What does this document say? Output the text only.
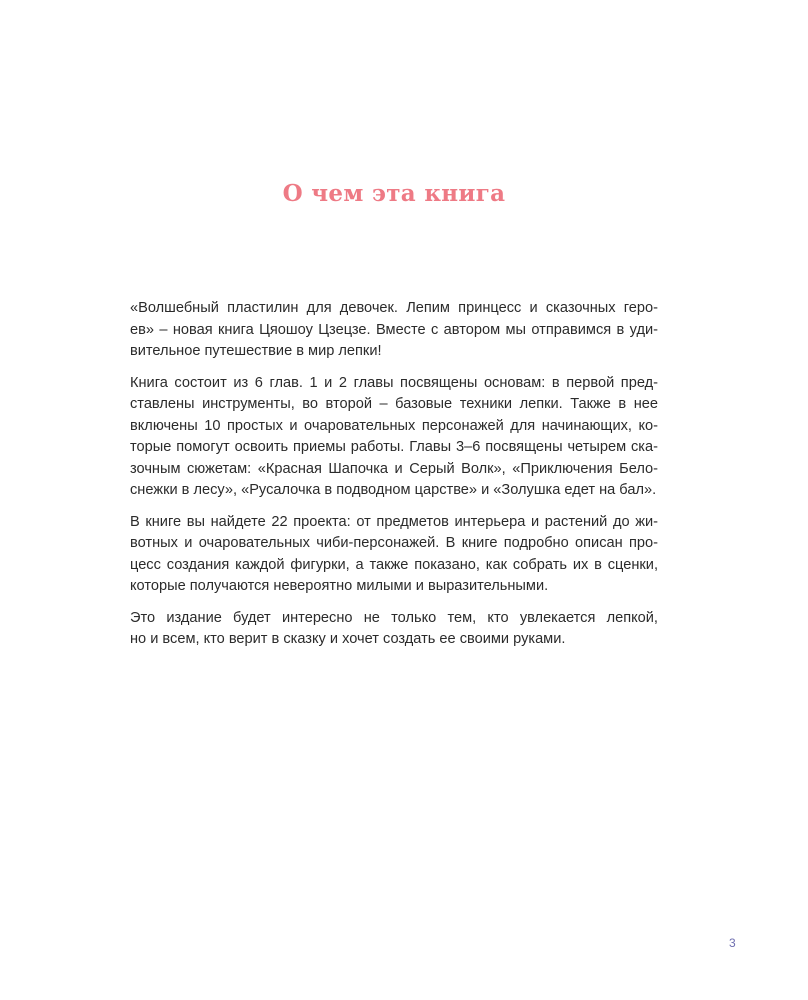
О чем эта книга

«Волшебный пластилин для девочек. Лепим принцесс и сказочных геро-
ев» – новая книга Цяошоу Цзецзе. Вместе с автором мы отправимся в уди-
вительное путешествие в мир лепки!

Книга состоит из 6 глав. 1 и 2 главы посвящены основам: в первой пред-
ставлены инструменты, во второй – базовые техники лепки. Также в нее
включены 10 простых и очаровательных персонажей для начинающих, ко-
торые помогут освоить приемы работы. Главы 3–6 посвящены четырем ска-
зочным сюжетам: «Красная Шапочка и Серый Волк», «Приключения Бело-
снежки в лесу», «Русалочка в подводном царстве» и «Золушка едет на бал».

В книге вы найдете 22 проекта: от предметов интерьера и растений до жи-
вотных и очаровательных чиби-персонажей. В книге подробно описан про-
цесс создания каждой фигурки, а также показано, как собрать их в сценки,
которые получаются невероятно милыми и выразительными.

Это издание будет интересно не только тем, кто увлекается лепкой,
но и всем, кто верит в сказку и хочет создать ее своими руками.

3
